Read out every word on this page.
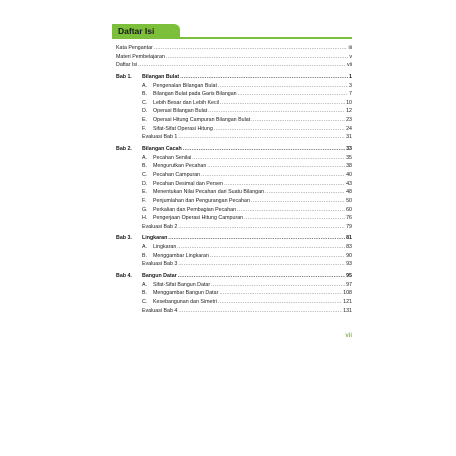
Daftar Isi
Kata Pengantar .....	iii
Materi Pembelajaran .....	v
Daftar Isi .....	vii
Bab 1.	Bilangan Bulat .....	1
A.	Pengenalan Bilangan Bulat .....	3
B.	Bilangan Bulat pada Garis Bilangan .....	7
C.	Lebih Besar dan Lebih Kecil .....	10
D.	Operasi Bilangan Bulat .....	12
E.	Operasi Hitung Campuran Bilangan Bulat .....	23
F.	Sifat-Sifat Operasi Hitung .....	24
Evaluasi Bab 1 .....	31
Bab 2.	Bilangan Cacah .....	33
A.	Pecahan Senilai .....	35
B.	Mengurutkan Pecahan .....	38
C.	Pecahan Campuran .....	40
D.	Pecahan Desimal dan Persen .....	43
E.	Menentukan Nilai Pecahan dari Suatu Bilangan .....	48
F.	Penjumlahan dan Pengurangan Pecahan .....	50
G.	Perkalian dan Pembagian Pecahan .....	60
H.	Pengerjaan Operasi Hitung Campuran .....	76
Evaluasi Bab 2 .....	79
Bab 3.	Lingkaran .....	81
A.	Lingkaran .....	83
B.	Menggambar Lingkaran .....	90
Evaluasi Bab 3 .....	93
Bab 4.	Bangun Datar .....	95
A.	Sifat-Sifat Bangun Datar .....	97
B.	Menggambar Bangun Datar .....	108
C.	Kesebangunan dan Simetri .....	121
Evaluasi Bab 4 .....	131
vii
